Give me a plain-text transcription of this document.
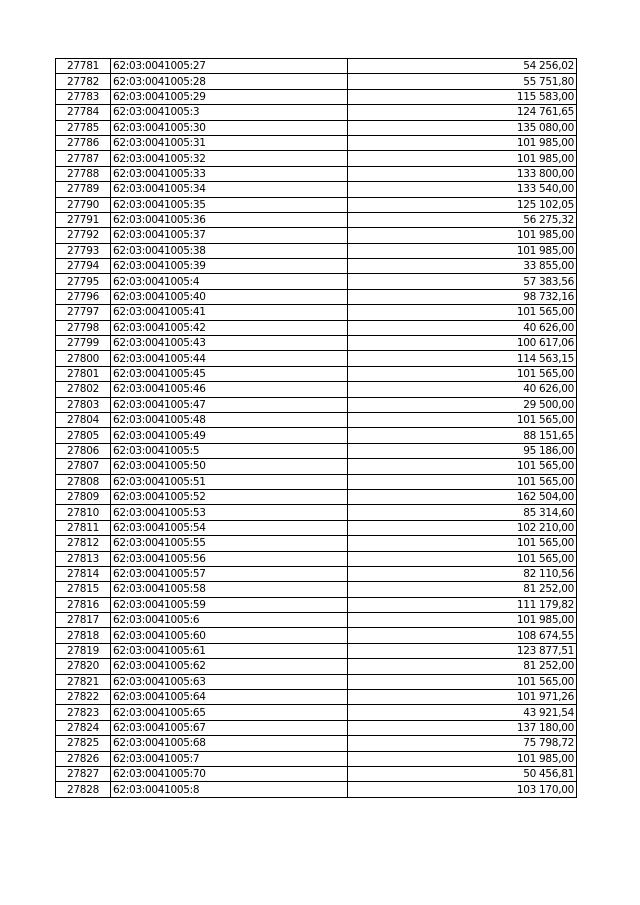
27781	62:03:0041005:27	54 256,02
27782	62:03:0041005:28	55 751,80
27783	62:03:0041005:29	115 583,00
27784	62:03:0041005:3	124 761,65
27785	62:03:0041005:30	135 080,00
27786	62:03:0041005:31	101 985,00
27787	62:03:0041005:32	101 985,00
27788	62:03:0041005:33	133 800,00
27789	62:03:0041005:34	133 540,00
27790	62:03:0041005:35	125 102,05
27791	62:03:0041005:36	56 275,32
27792	62:03:0041005:37	101 985,00
27793	62:03:0041005:38	101 985,00
27794	62:03:0041005:39	33 855,00
27795	62:03:0041005:4	57 383,56
27796	62:03:0041005:40	98 732,16
27797	62:03:0041005:41	101 565,00
27798	62:03:0041005:42	40 626,00
27799	62:03:0041005:43	100 617,06
27800	62:03:0041005:44	114 563,15
27801	62:03:0041005:45	101 565,00
27802	62:03:0041005:46	40 626,00
27803	62:03:0041005:47	29 500,00
27804	62:03:0041005:48	101 565,00
27805	62:03:0041005:49	88 151,65
27806	62:03:0041005:5	95 186,00
27807	62:03:0041005:50	101 565,00
27808	62:03:0041005:51	101 565,00
27809	62:03:0041005:52	162 504,00
27810	62:03:0041005:53	85 314,60
27811	62:03:0041005:54	102 210,00
27812	62:03:0041005:55	101 565,00
27813	62:03:0041005:56	101 565,00
27814	62:03:0041005:57	82 110,56
27815	62:03:0041005:58	81 252,00
27816	62:03:0041005:59	111 179,82
27817	62:03:0041005:6	101 985,00
27818	62:03:0041005:60	108 674,55
27819	62:03:0041005:61	123 877,51
27820	62:03:0041005:62	81 252,00
27821	62:03:0041005:63	101 565,00
27822	62:03:0041005:64	101 971,26
27823	62:03:0041005:65	43 921,54
27824	62:03:0041005:67	137 180,00
27825	62:03:0041005:68	75 798,72
27826	62:03:0041005:7	101 985,00
27827	62:03:0041005:70	50 456,81
27828	62:03:0041005:8	103 170,00
